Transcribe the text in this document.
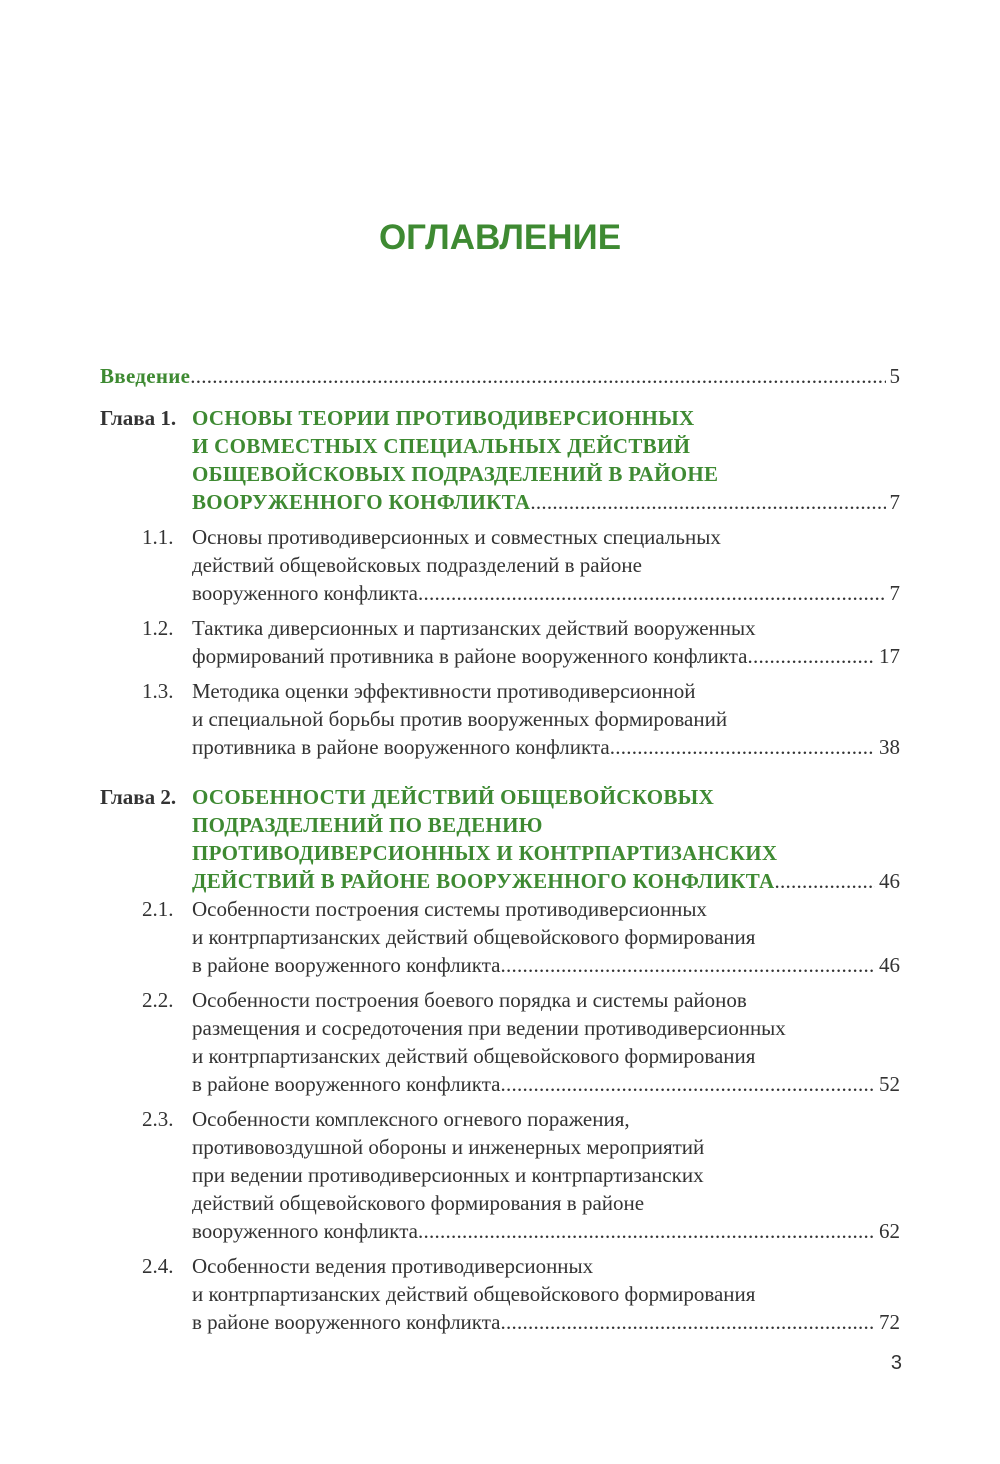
ОГЛАВЛЕНИЕ
Введение . . .	5
Глава 1. ОСНОВЫ ТЕОРИИ ПРОТИВОДИВЕРСИОННЫХ
И СОВМЕСТНЫХ СПЕЦИАЛЬНЫХ ДЕЙСТВИЙ
ОБЩЕВОЙСКОВЫХ ПОДРАЗДЕЛЕНИЙ В РАЙОНЕ
ВООРУЖЕННОГО КОНФЛИКТА . . .	7
1.1. Основы противодиверсионных и совместных специальных
действий общевойсковых подразделений в районе
вооруженного конфликта . . .	7
1.2. Тактика диверсионных и партизанских действий вооруженных
формирований противника в районе вооруженного конфликта . . .	17
1.3. Методика оценки эффективности противодиверсионной
и специальной борьбы против вооруженных формирований
противника в районе вооруженного конфликта . . .	38
Глава 2. ОСОБЕННОСТИ ДЕЙСТВИЙ ОБЩЕВОЙСКОВЫХ
ПОДРАЗДЕЛЕНИЙ ПО ВЕДЕНИЮ
ПРОТИВОДИВЕРСИОННЫХ И КОНТРПАРТИЗАНСКИХ
ДЕЙСТВИЙ В РАЙОНЕ ВООРУЖЕННОГО КОНФЛИКТА . . .	46
2.1. Особенности построения системы противодиверсионных
и контрпартизанских действий общевойскового формирования
в районе вооруженного конфликта . . .	46
2.2. Особенности построения боевого порядка и системы районов
размещения и сосредоточения при ведении противодиверсионных
и контрпартизанских действий общевойскового формирования
в районе вооруженного конфликта . . .	52
2.3. Особенности комплексного огневого поражения,
противовоздушной обороны и инженерных мероприятий
при ведении противодиверсионных и контрпартизанских
действий общевойскового формирования в районе
вооруженного конфликта . . .	62
2.4. Особенности ведения противодиверсионных
и контрпартизанских действий общевойскового формирования
в районе вооруженного конфликта . . .	72
3
